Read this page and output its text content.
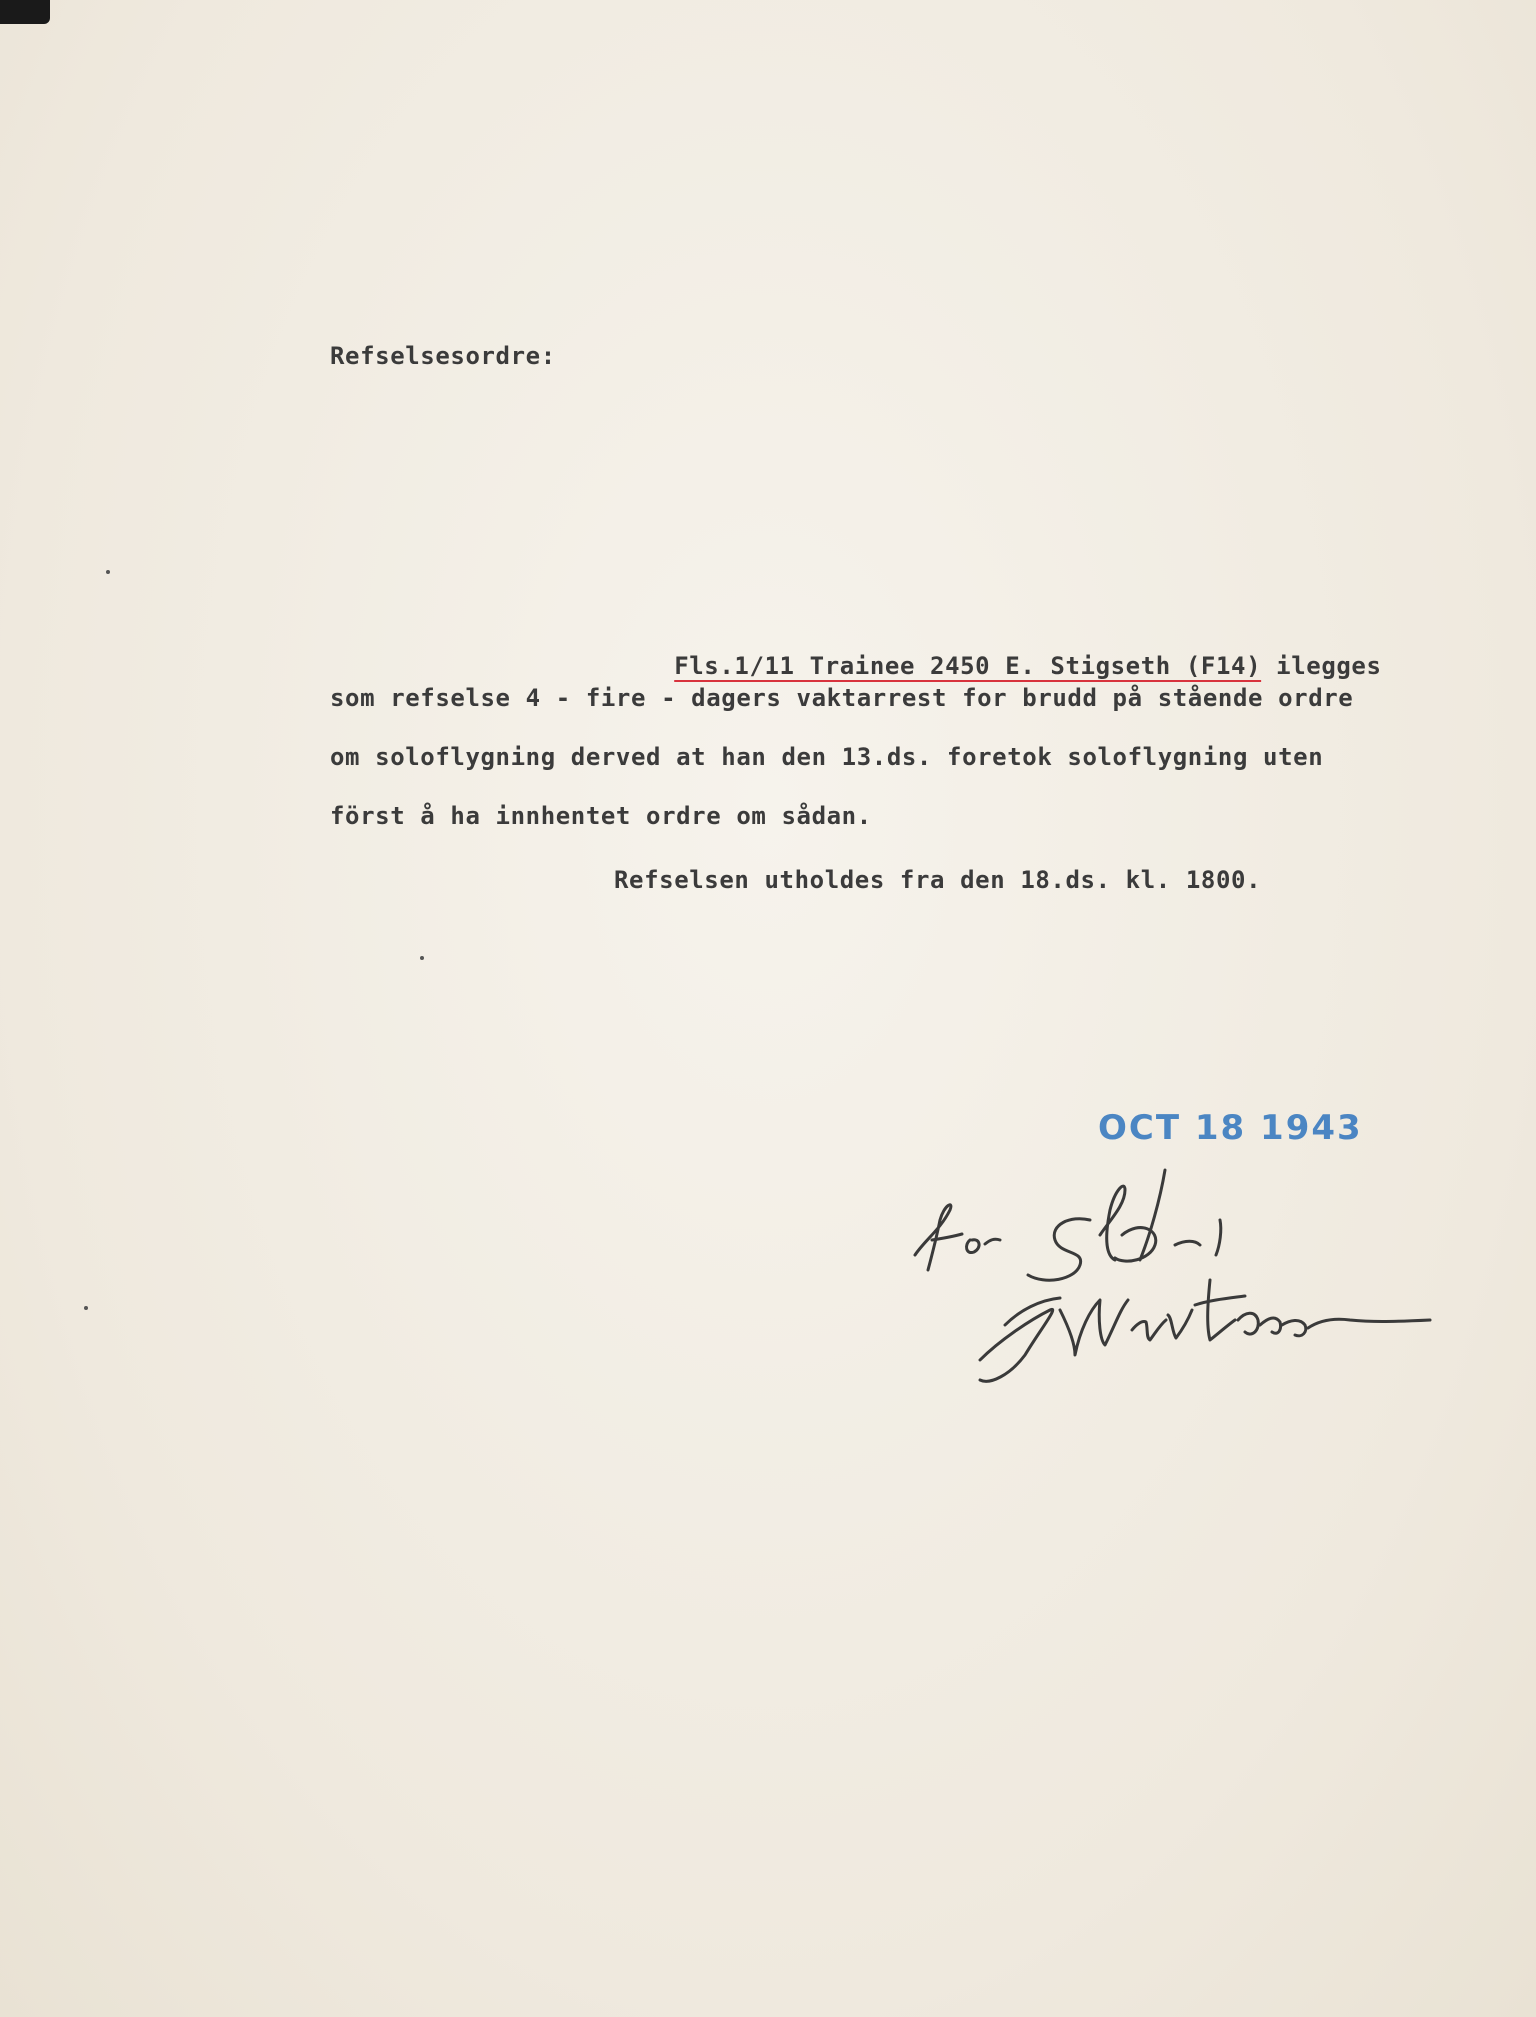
Refselsesordre:

Fls.1/11 Trainee 2450 E. Stigseth (F14) ilegges

som refselse 4 - fire - dagers vaktarrest for brudd på stående ordre
om soloflygning derved at han den 13.ds. foretok soloflygning uten
först å ha innhentet ordre om sådan.
Refselsen utholdes fra den 18.ds. kl. 1800.
OCT 18 1943
